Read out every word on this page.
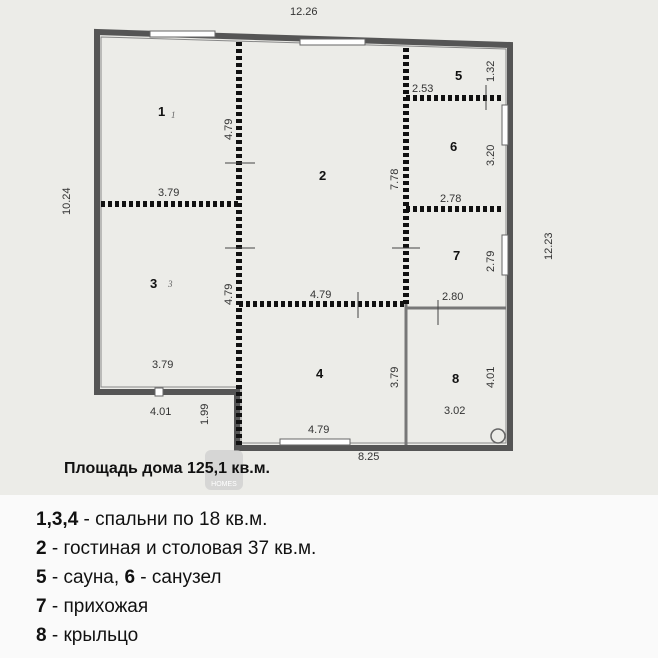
12.26
10.24
12.23
8.25
4.01	1.99
4.79
3.79
4.79
3.79
7.78
4.79
3.79
4.79
2.53
1.32
3.20
2.78
2.79
2.80
4.01
3.02
1 1
2
3 3
4
5
6
7
8
HOMES
Площадь дома 125,1 кв.м.
1,3,4 - спальни по 18 кв.м.
2 - гостиная и столовая 37 кв.м.
5 - сауна, 6 - санузел
7 - прихожая
8 - крыльцо
